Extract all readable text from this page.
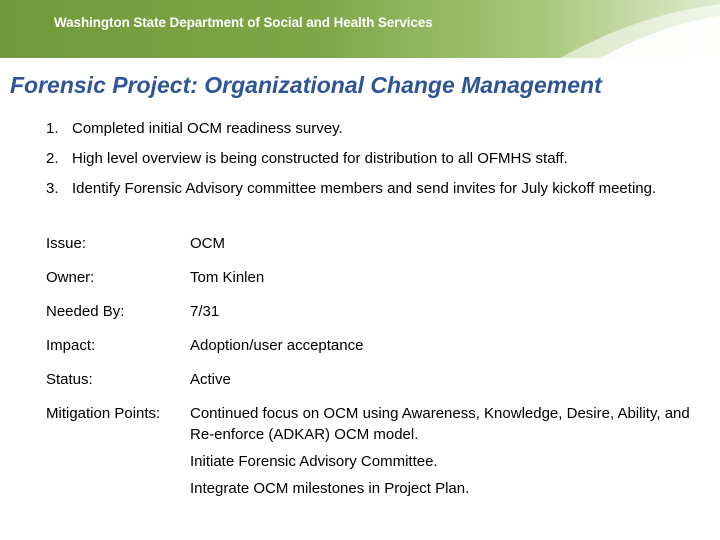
Washington State Department of Social and Health Services
Forensic Project: Organizational Change Management
1. Completed initial OCM readiness survey.
2. High level overview is being constructed for distribution to all OFMHS staff.
3. Identify Forensic Advisory committee members and send invites for July kickoff meeting.
Issue:	OCM
Owner:	Tom Kinlen
Needed By:	7/31
Impact:	Adoption/user acceptance
Status:	Active
Mitigation Points:	Continued focus on OCM using Awareness, Knowledge, Desire, Ability, and Re-enforce (ADKAR) OCM model.
Initiate Forensic Advisory Committee.
Integrate OCM milestones in Project Plan.
